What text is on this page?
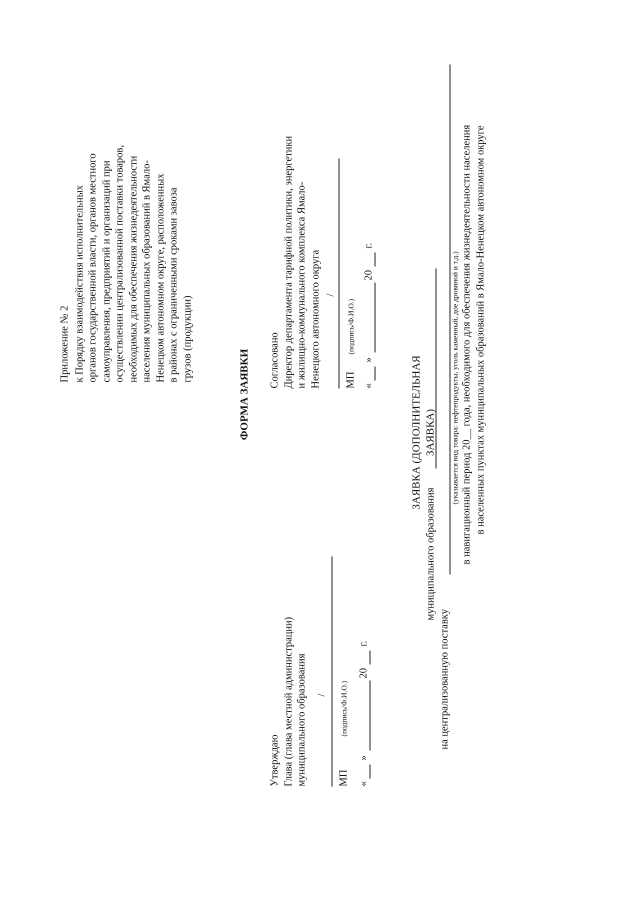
Приложение № 2 к Порядку взаимодействия исполнительных органов государственной власти, органов местного самоуправления, предприятий и организаций при осуществлении централизованной поставки товаров, необходимых для обеспечения жизнедеятельности населения муниципальных образований в Ямало- Ненецком автономном округе, расположенных в районах с ограниченными сроками завоза грузов (продукции)
ФОРМА ЗАЯВКИ
Утверждаю Глава (глава местной администрации) муниципального образования /
МП
(подпись/Ф.И.О.)
«
»
20
г.
Согласовано Директор департамента тарифной политики, энергетики и жилищно-коммунального комплекса Ямало- Ненецкого автономного округа /
МП
(подпись/Ф.И.О.)
«
»
20
г.
ЗАЯВКА (ДОПОЛНИТЕЛЬНАЯ ЗАЯВКА)
муниципального образования
на централизованную поставку
(указывается вид товара: нефтепродукты, уголь каменный, дое дровяной и т.д.) в навигационный период 20__ года, необходимого для обеспечения жизнедеятельности населения в населенных пунктах муниципальных образований в Ямало-Ненецком автономном округе
